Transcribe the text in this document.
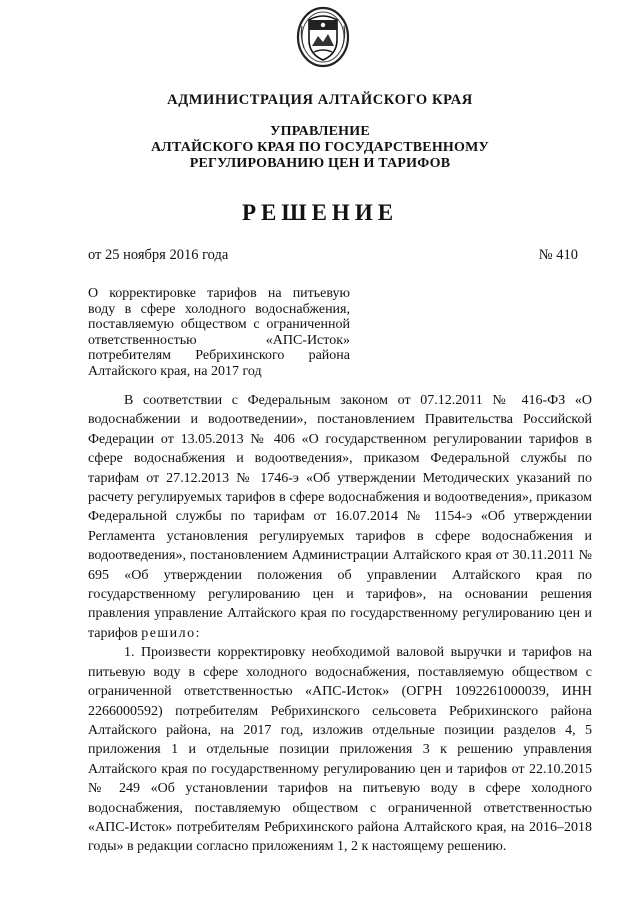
АДМИНИСТРАЦИЯ АЛТАЙСКОГО КРАЯ
УПРАВЛЕНИЕ
АЛТАЙСКОГО КРАЯ ПО ГОСУДАРСТВЕННОМУ
РЕГУЛИРОВАНИЮ ЦЕН И ТАРИФОВ
РЕШЕНИЕ
от 25 ноября 2016 года	№ 410
О корректировке тарифов на питьевую воду в сфере холодного водоснабжения, поставляемую обществом с ограниченной ответственностью «АПС-Исток» потребителям Ребрихинского района Алтайского края, на 2017 год

В соответствии с Федеральным законом от 07.12.2011 № 416-ФЗ «О водоснабжении и водоотведении», постановлением Правительства Российской Федерации от 13.05.2013 № 406 «О государственном регулировании тарифов в сфере водоснабжения и водоотведения», приказом Федеральной службы по тарифам от 27.12.2013 № 1746-э «Об утверждении Методических указаний по расчету регулируемых тарифов в сфере водоснабжения и водоотведения», приказом Федеральной службы по тарифам от 16.07.2014 № 1154-э «Об утверждении Регламента установления регулируемых тарифов в сфере водоснабжения и водоотведения», постановлением Администрации Алтайского края от 30.11.2011 № 695 «Об утверждении положения об управлении Алтайского края по государственному регулированию цен и тарифов», на основании решения правления управление Алтайского края по государственному регулированию цен и тарифов решило:

1. Произвести корректировку необходимой валовой выручки и тарифов на питьевую воду в сфере холодного водоснабжения, поставляемую обществом с ограниченной ответственностью «АПС-Исток» (ОГРН 1092261000039, ИНН 2266000592) потребителям Ребрихинского сельсовета Ребрихинского района Алтайского района, на 2017 год, изложив отдельные позиции разделов 4, 5 приложения 1 и отдельные позиции приложения 3 к решению управления Алтайского края по государственному регулированию цен и тарифов от 22.10.2015 № 249 «Об установлении тарифов на питьевую воду в сфере холодного водоснабжения, поставляемую обществом с ограниченной ответственностью «АПС-Исток» потребителям Ребрихинского района Алтайского края, на 2016–2018 годы» в редакции согласно приложениям 1, 2 к настоящему решению.
